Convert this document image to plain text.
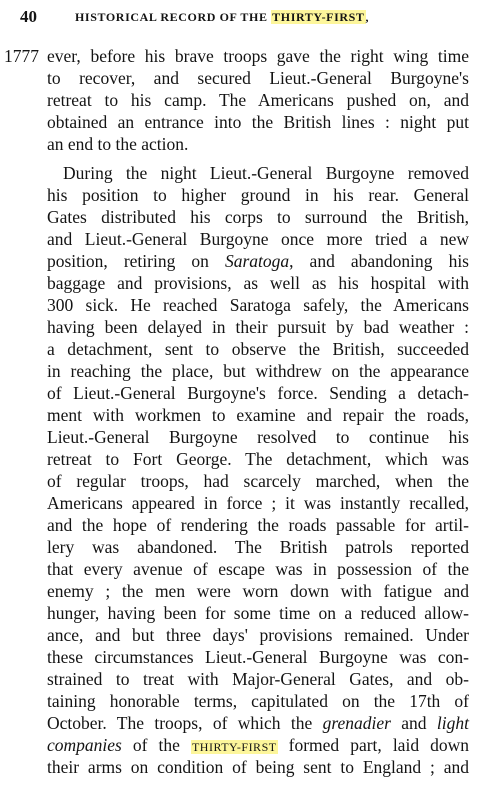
40	HISTORICAL RECORD OF THE THIRTY-FIRST,
1777 ever, before his brave troops gave the right wing time
to recover, and secured Lieut.-General Burgoyne's
retreat to his camp. The Americans pushed on, and
obtained an entrance into the British lines : night put
an end to the action.
During the night Lieut.-General Burgoyne removed
his position to higher ground in his rear. General
Gates distributed his corps to surround the British,
and Lieut.-General Burgoyne once more tried a new
position, retiring on Saratoga, and abandoning his
baggage and provisions, as well as his hospital with
300 sick. He reached Saratoga safely, the Americans
having been delayed in their pursuit by bad weather :
a detachment, sent to observe the British, succeeded
in reaching the place, but withdrew on the appearance
of Lieut.-General Burgoyne's force. Sending a detach-
ment with workmen to examine and repair the roads,
Lieut.-General Burgoyne resolved to continue his
retreat to Fort George. The detachment, which was
of regular troops, had scarcely marched, when the
Americans appeared in force ; it was instantly recalled,
and the hope of rendering the roads passable for artil-
lery was abandoned. The British patrols reported
that every avenue of escape was in possession of the
enemy ; the men were worn down with fatigue and
hunger, having been for some time on a reduced allow-
ance, and but three days' provisions remained. Under
these circumstances Lieut.-General Burgoyne was con-
strained to treat with Major-General Gates, and ob-
taining honorable terms, capitulated on the 17th of
October. The troops, of which the grenadier and light
companies of the THIRTY-FIRST formed part, laid down
their arms on condition of being sent to England ; and
